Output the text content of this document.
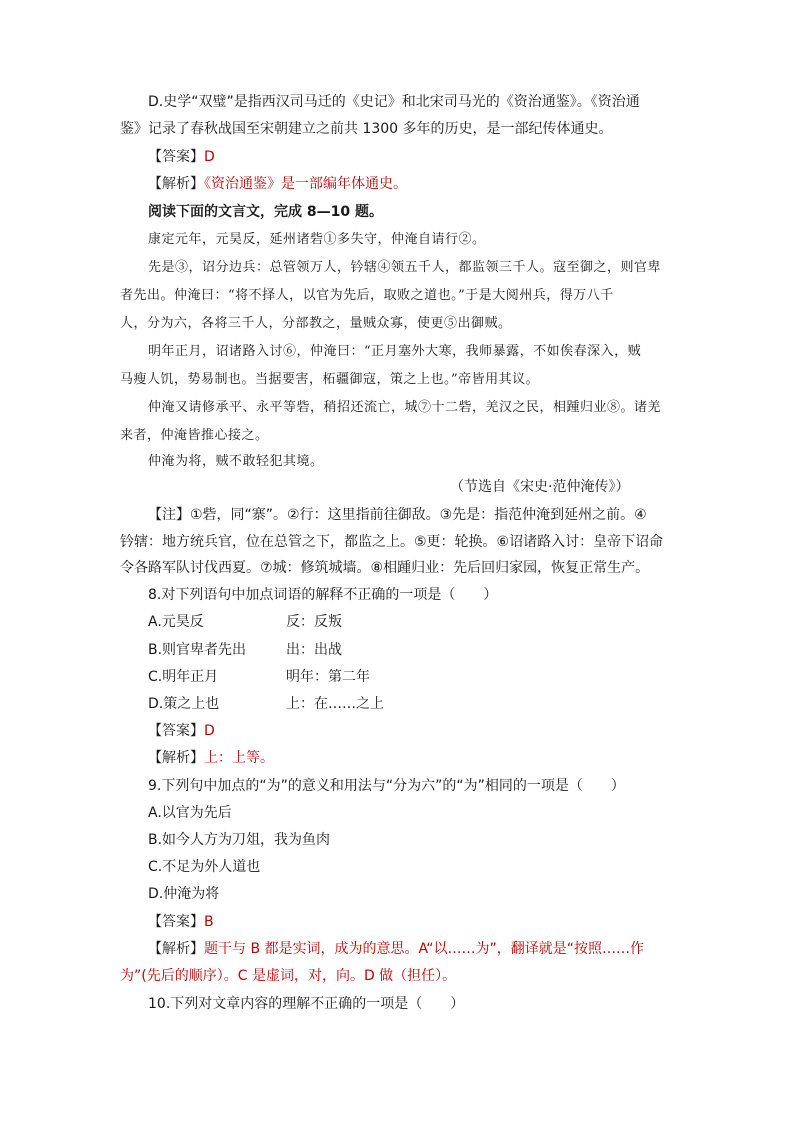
D.史学“双璧”是指西汉司马迁的《史记》和北宋司马光的《资治通鉴》。《资治通
鉴》记录了春秋战国至宋朝建立之前共 1300 多年的历史，是一部纪传体通史。
【答案】D
【解析】《资治通鉴》是一部编年体通史。
阅读下面的文言文，完成 8—10 题。
康定元年，元昊反，延州诸砦①多失守，仲淹自请行②。
先是③，诏分边兵：总管领万人，钤辖④领五千人，都监领三千人。寇至御之，则官卑
者先出。仲淹曰：“将不择人，以官为先后，取败之道也。”于是大阅州兵，得万八千
人，分为六，各将三千人，分部教之，量贼众寡，使更⑤出御贼。
明年正月，诏诸路入讨⑥，仲淹曰：“正月塞外大寒，我师暴露，不如俟春深入，贼
马瘦人饥，势易制也。当据要害，柘疆御寇，策之上也。”帝皆用其议。
仲淹又请修承平、永平等砦，稍招还流亡，城⑦十二砦，羌汉之民，相踵归业⑧。诸羌
来者，仲淹皆推心接之。
仲淹为将，贼不敢轻犯其境。
（节选自《宋史·范仲淹传》）
【注】①砦，同“寨”。②行：这里指前往御敌。③先是：指范仲淹到延州之前。④
钤辖：地方统兵官，位在总管之下，都监之上。⑤更：轮换。⑥诏诸路入讨：皇帝下诏命
令各路军队讨伐西夏。⑦城：修筑城墙。⑧相踵归业：先后回归家园，恢复正常生产。
8.对下列语句中加点词语的解释不正确的一项是（　　）
A.元昊反	反：反叛
B.则官卑者先出	出：出战
C.明年正月	明年：第二年
D.策之上也	上：在……之上
【答案】D
【解析】上：上等。
9.下列句中加点的“为”的意义和用法与“分为六”的“为”相同的一项是（　　）
A.以官为先后
B.如今人方为刀俎，我为鱼肉
C.不足为外人道也
D.仲淹为将
【答案】B
【解析】题干与 B 都是实词，成为的意思。A“以……为”，翻译就是“按照……作
为”(先后的顺序）。C 是虚词，对，向。D 做（担任）。
10.下列对文章内容的理解不正确的一项是（　　）
